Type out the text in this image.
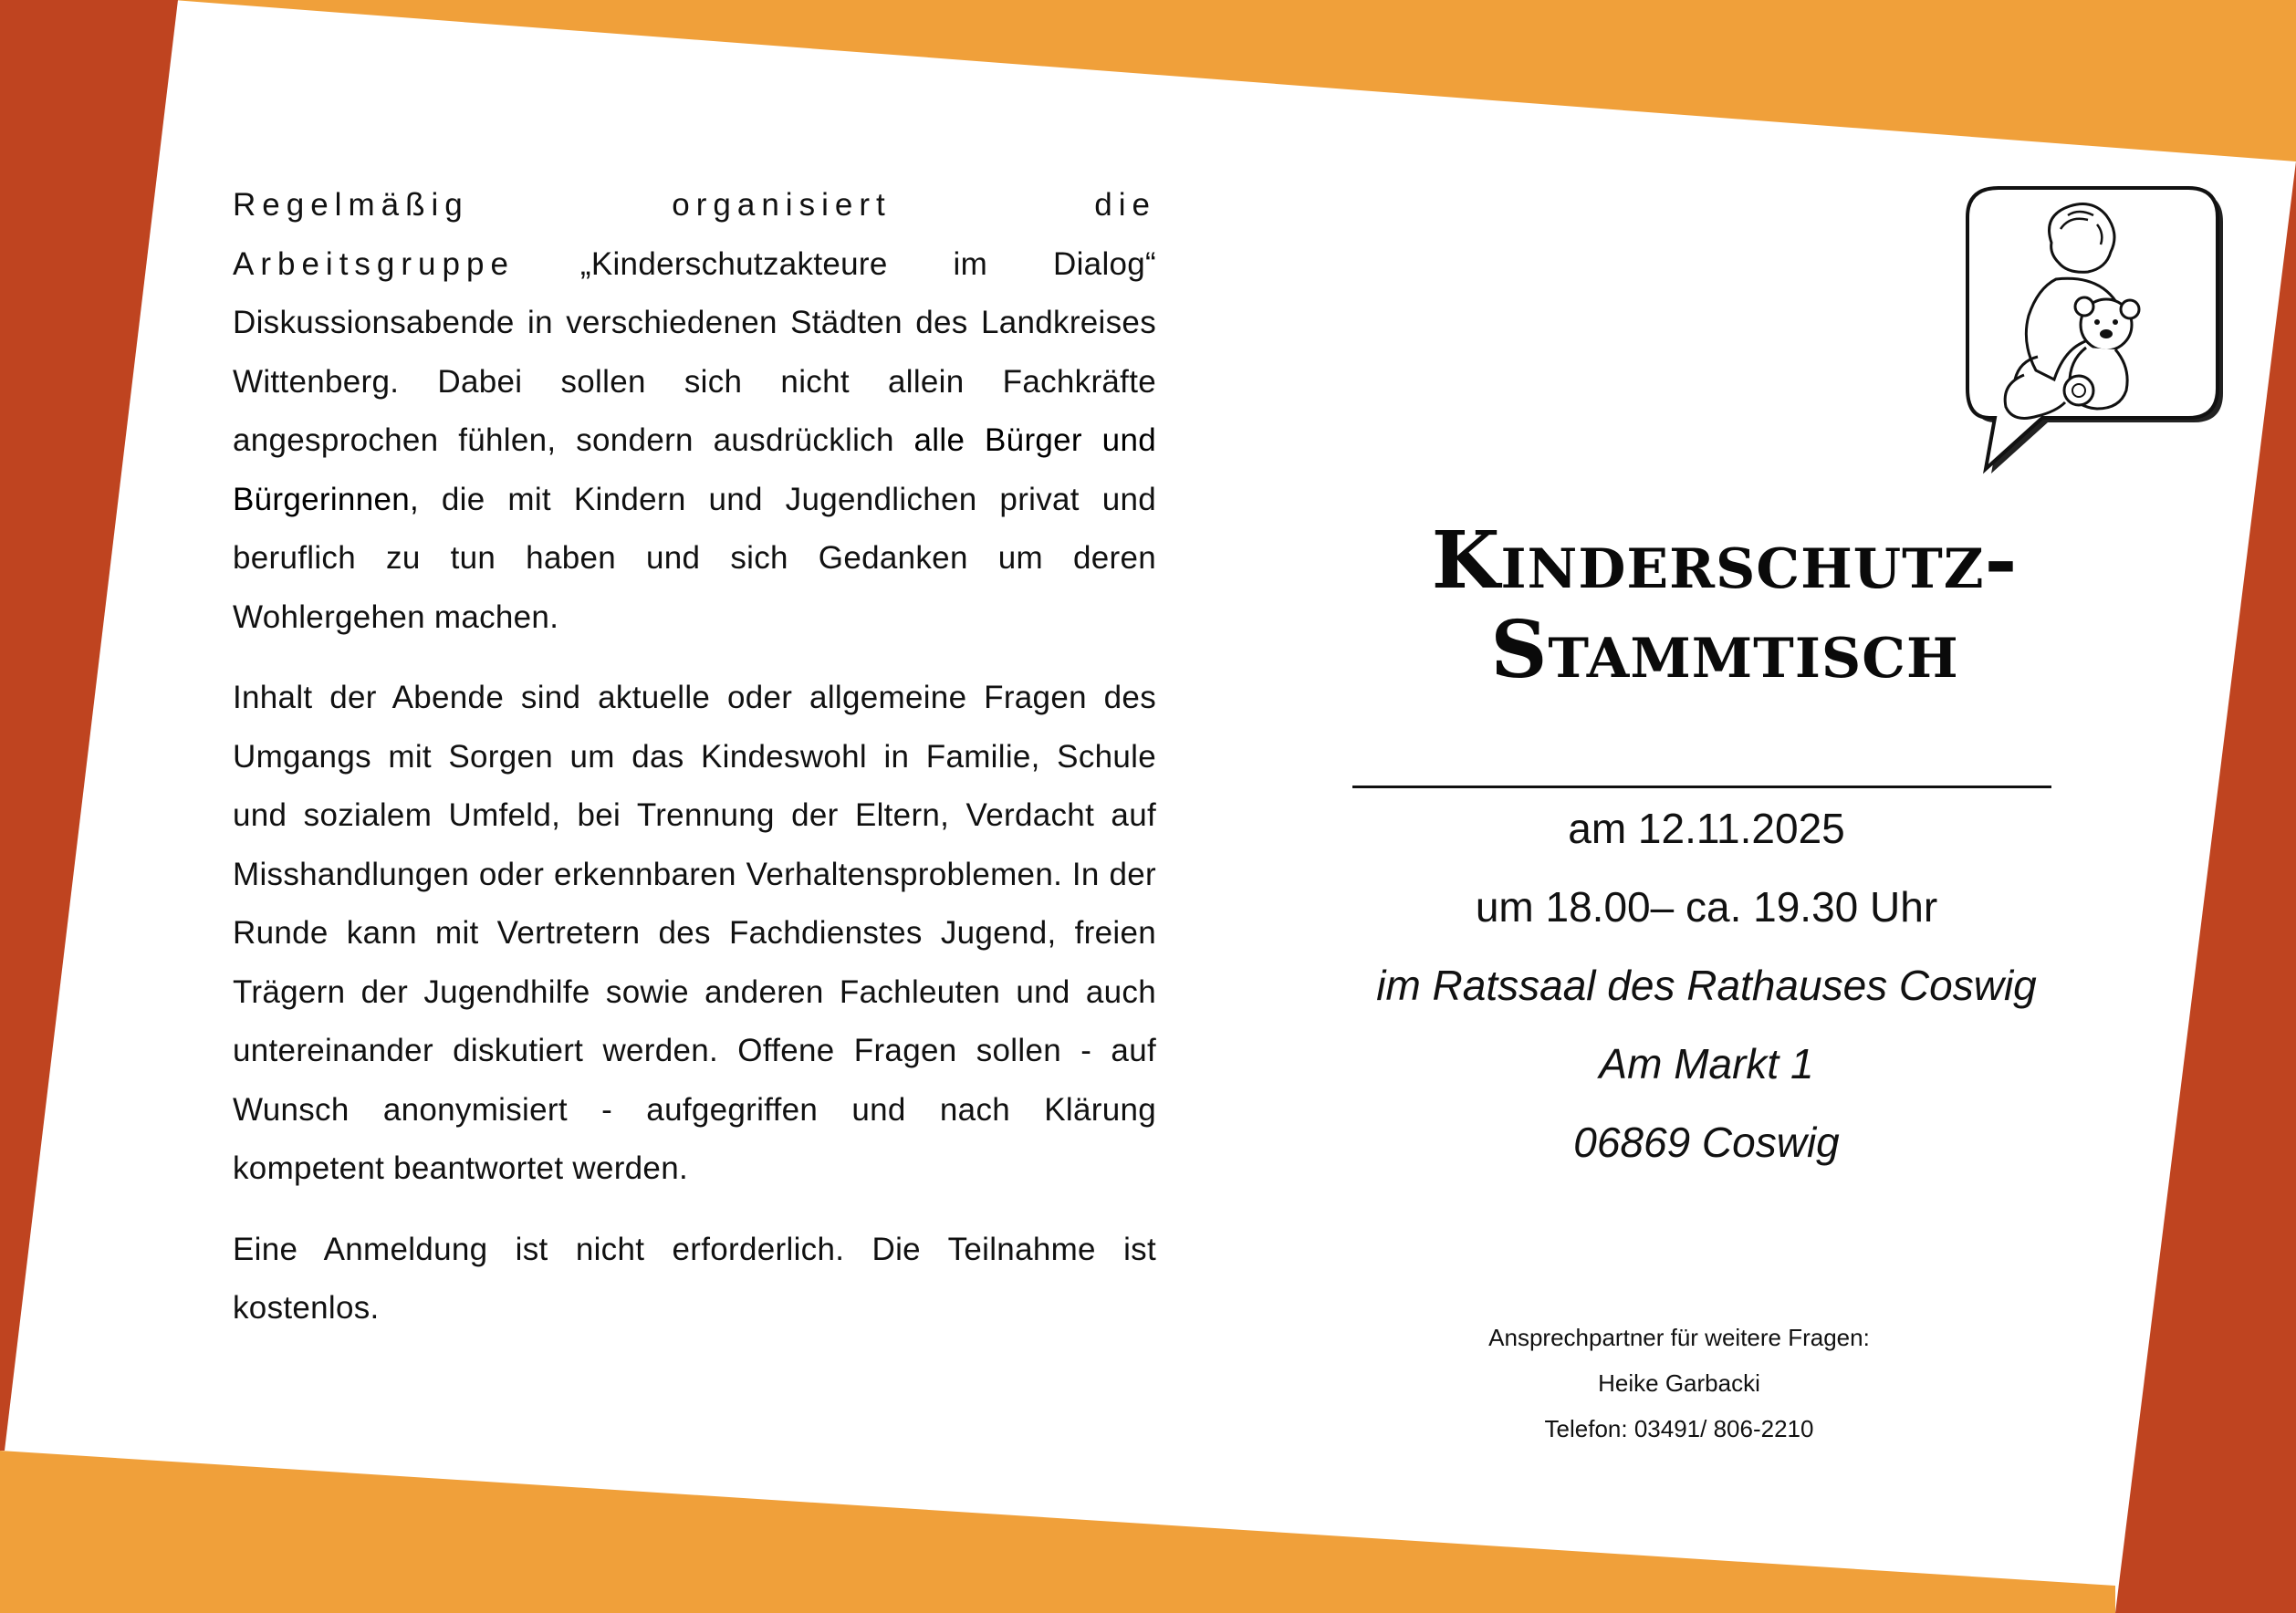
Regelmäßig organisiert die Arbeitsgruppe „Kinderschutzakteure im Dialog“ Diskussionsabende in verschiedenen Städten des Landkreises Wittenberg. Dabei sollen sich nicht allein Fachkräfte angesprochen fühlen, sondern ausdrücklich alle Bürger und Bürgerinnen, die mit Kindern und Jugendlichen privat und beruflich zu tun haben und sich Gedanken um deren Wohlergehen machen.

Inhalt der Abende sind aktuelle oder allgemeine Fragen des Umgangs mit Sorgen um das Kindeswohl in Familie, Schule und sozialem Umfeld, bei Trennung der Eltern, Verdacht auf Misshandlungen oder erkennbaren Verhaltensproblemen. In der Runde kann mit Vertretern des Fachdienstes Jugend, freien Trägern der Jugendhilfe sowie anderen Fachleuten und auch untereinander diskutiert werden. Offene Fragen sollen - auf Wunsch anonymisiert - aufgegriffen und nach Klärung kompetent beantwortet werden.

Eine Anmeldung ist nicht erforderlich. Die Teilnahme ist kostenlos.

Kinderschutz-
Stammtisch
am 12.11.2025
um 18.00– ca. 19.30 Uhr
im Ratssaal des Rathauses Coswig
Am Markt 1
06869 Coswig
Ansprechpartner für weitere Fragen:
Heike Garbacki
Telefon: 03491/ 806-2210
